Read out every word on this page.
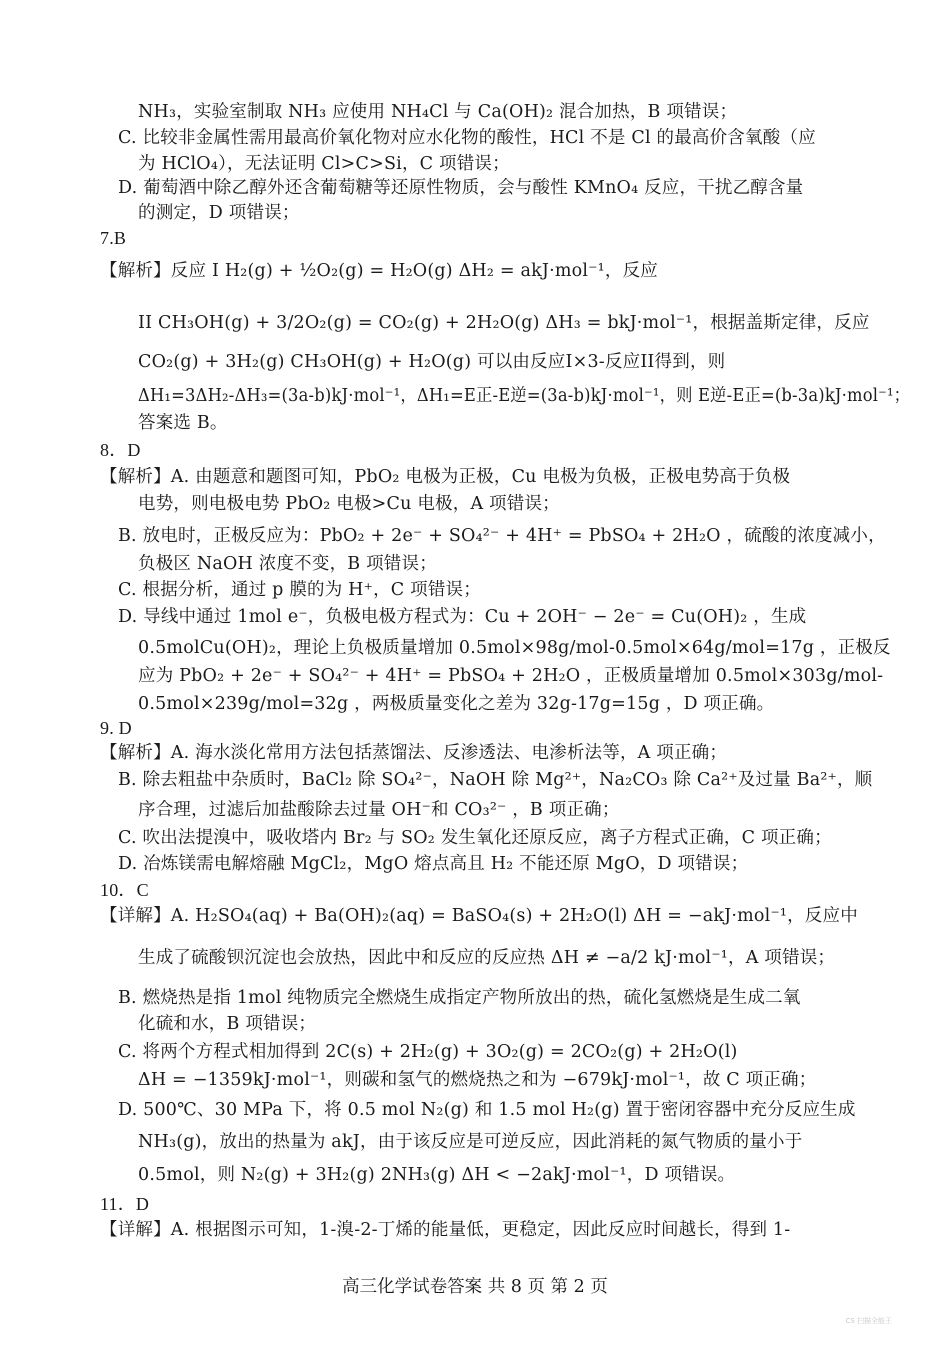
NH₃，实验室制取 NH₃ 应使用 NH₄Cl 与 Ca(OH)₂ 混合加热，B 项错误；
C. 比较非金属性需用最高价氧化物对应水化物的酸性，HCl 不是 Cl 的最高价含氧酸（应
为 HClO₄），无法证明 Cl>C>Si，C 项错误；
D. 葡萄酒中除乙醇外还含葡萄糖等还原性物质，会与酸性 KMnO₄ 反应，干扰乙醇含量
的测定，D 项错误；
7.B
【解析】反应 I H₂(g) + ½O₂(g) = H₂O(g) ΔH₂ = akJ·mol⁻¹，反应
II CH₃OH(g) + 3/2O₂(g) = CO₂(g) + 2H₂O(g) ΔH₃ = bkJ·mol⁻¹，根据盖斯定律，反应
CO₂(g) + 3H₂(g) CH₃OH(g) + H₂O(g) 可以由反应I×3-反应II得到，则
ΔH₁=3ΔH₂-ΔH₃=(3a-b)kJ·mol⁻¹，ΔH₁=E正-E逆=(3a-b)kJ·mol⁻¹，则 E逆-E正=(b-3a)kJ·mol⁻¹；
答案选 B。
8．D
【解析】A. 由题意和题图可知，PbO₂ 电极为正极，Cu 电极为负极，正极电势高于负极
电势，则电极电势 PbO₂ 电极>Cu 电极，A 项错误；
B. 放电时，正极反应为：PbO₂ + 2e⁻ + SO₄²⁻ + 4H⁺ = PbSO₄ + 2H₂O ，硫酸的浓度减小，
负极区 NaOH 浓度不变，B 项错误；
C. 根据分析，通过 p 膜的为 H⁺，C 项错误；
D. 导线中通过 1mol e⁻，负极电极方程式为：Cu + 2OH⁻ − 2e⁻ = Cu(OH)₂ ，生成
0.5molCu(OH)₂，理论上负极质量增加 0.5mol×98g/mol-0.5mol×64g/mol=17g ，正极反
应为 PbO₂ + 2e⁻ + SO₄²⁻ + 4H⁺ = PbSO₄ + 2H₂O ，正极质量增加 0.5mol×303g/mol-
0.5mol×239g/mol=32g ，两极质量变化之差为 32g-17g=15g ，D 项正确。
9. D
【解析】A. 海水淡化常用方法包括蒸馏法、反渗透法、电渗析法等，A 项正确；
B. 除去粗盐中杂质时，BaCl₂ 除 SO₄²⁻，NaOH 除 Mg²⁺，Na₂CO₃ 除 Ca²⁺及过量 Ba²⁺，顺
序合理，过滤后加盐酸除去过量 OH⁻和 CO₃²⁻ ，B 项正确；
C. 吹出法提溴中，吸收塔内 Br₂ 与 SO₂ 发生氧化还原反应，离子方程式正确，C 项正确；
D. 冶炼镁需电解熔融 MgCl₂，MgO 熔点高且 H₂ 不能还原 MgO，D 项错误；
10．C
【详解】A. H₂SO₄(aq) + Ba(OH)₂(aq) = BaSO₄(s) + 2H₂O(l) ΔH = −akJ·mol⁻¹，反应中
生成了硫酸钡沉淀也会放热，因此中和反应的反应热 ΔH ≠ −a/2 kJ·mol⁻¹，A 项错误；
B. 燃烧热是指 1mol 纯物质完全燃烧生成指定产物所放出的热，硫化氢燃烧是生成二氧
化硫和水，B 项错误；
C. 将两个方程式相加得到 2C(s) + 2H₂(g) + 3O₂(g) = 2CO₂(g) + 2H₂O(l)
ΔH = −1359kJ·mol⁻¹，则碳和氢气的燃烧热之和为 −679kJ·mol⁻¹，故 C 项正确；
D. 500℃、30 MPa 下，将 0.5 mol N₂(g) 和 1.5 mol H₂(g) 置于密闭容器中充分反应生成
NH₃(g)，放出的热量为 akJ，由于该反应是可逆反应，因此消耗的氮气物质的量小于
0.5mol，则 N₂(g) + 3H₂(g) 2NH₃(g) ΔH < −2akJ·mol⁻¹，D 项错误。
11．D
【详解】A. 根据图示可知，1-溴-2-丁烯的能量低，更稳定，因此反应时间越长，得到 1-
高三化学试卷答案 共 8 页 第 2 页
CS 扫描全能王
